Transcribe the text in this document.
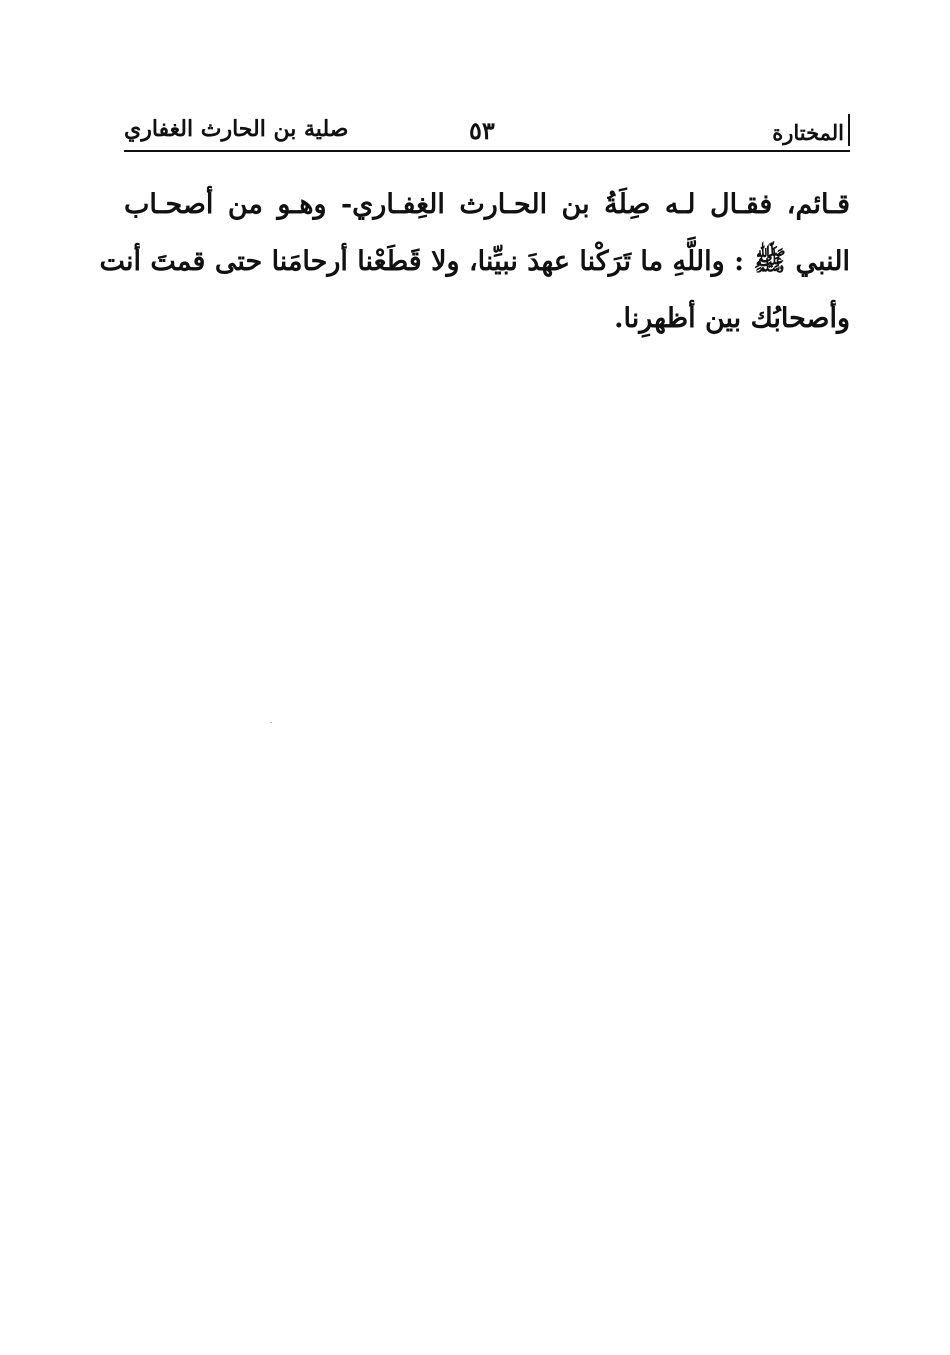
المختارة
٥٣
صلية بن الحارث الغفاري
قـائم، فقـال لـه صِلَةُ بن الحـارث الغِفـاري- وهـو من أصحـاب
النبي ﷺ : واللَّهِ ما تَرَكْنا عهدَ نبيِّنا، ولا قَطَعْنا أرحامَنا حتى قمتَ أنت
وأصحابُك بين أظهرِنا.
